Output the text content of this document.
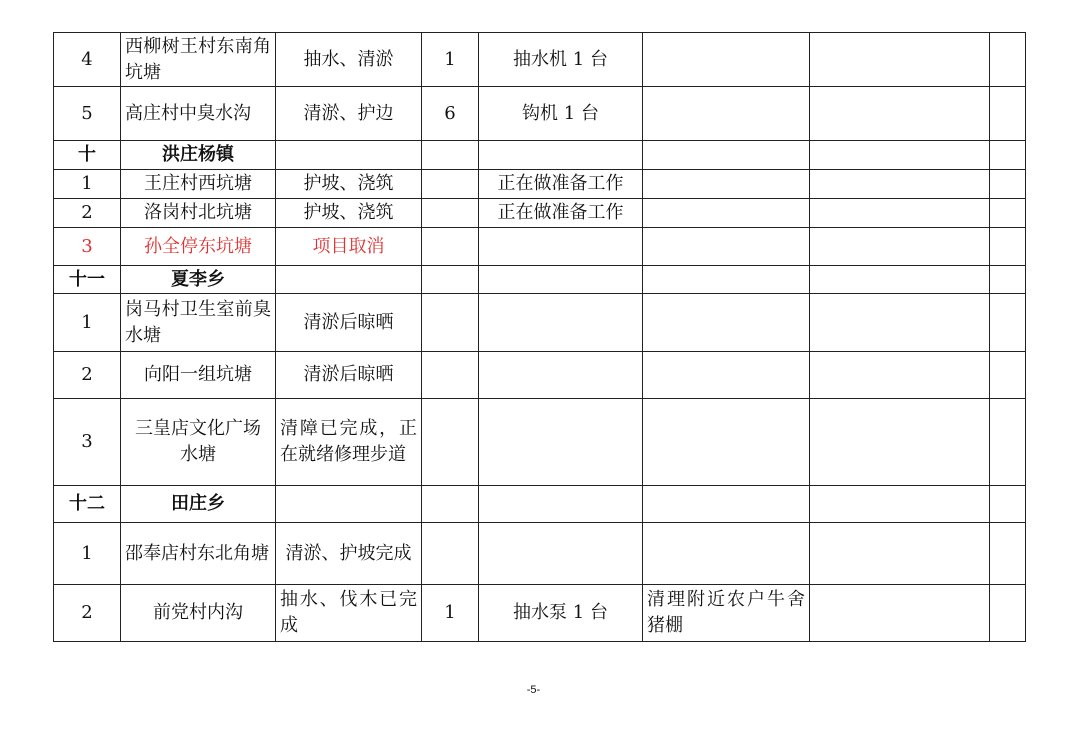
4	西柳树王村东南角坑塘	抽水、清淤	1	抽水机 1 台			
5	高庄村中臭水沟	清淤、护边	6	钩机 1 台			
十	洪庄杨镇						
1	王庄村西坑塘	护坡、浇筑		正在做准备工作			
2	洛岗村北坑塘	护坡、浇筑		正在做准备工作			
3	孙全停东坑塘	项目取消					
十一	夏李乡						
1	岗马村卫生室前臭水塘	清淤后晾晒					
2	向阳一组坑塘	清淤后晾晒					
3	三皇店文化广场水塘	清障已完成，正在就绪修理步道					
十二	田庄乡						
1	邵奉店村东北角塘	清淤、护坡完成					
2	前党村内沟	抽水、伐木已完成	1	抽水泵 1 台	清理附近农户牛舍猪棚		
-5-
